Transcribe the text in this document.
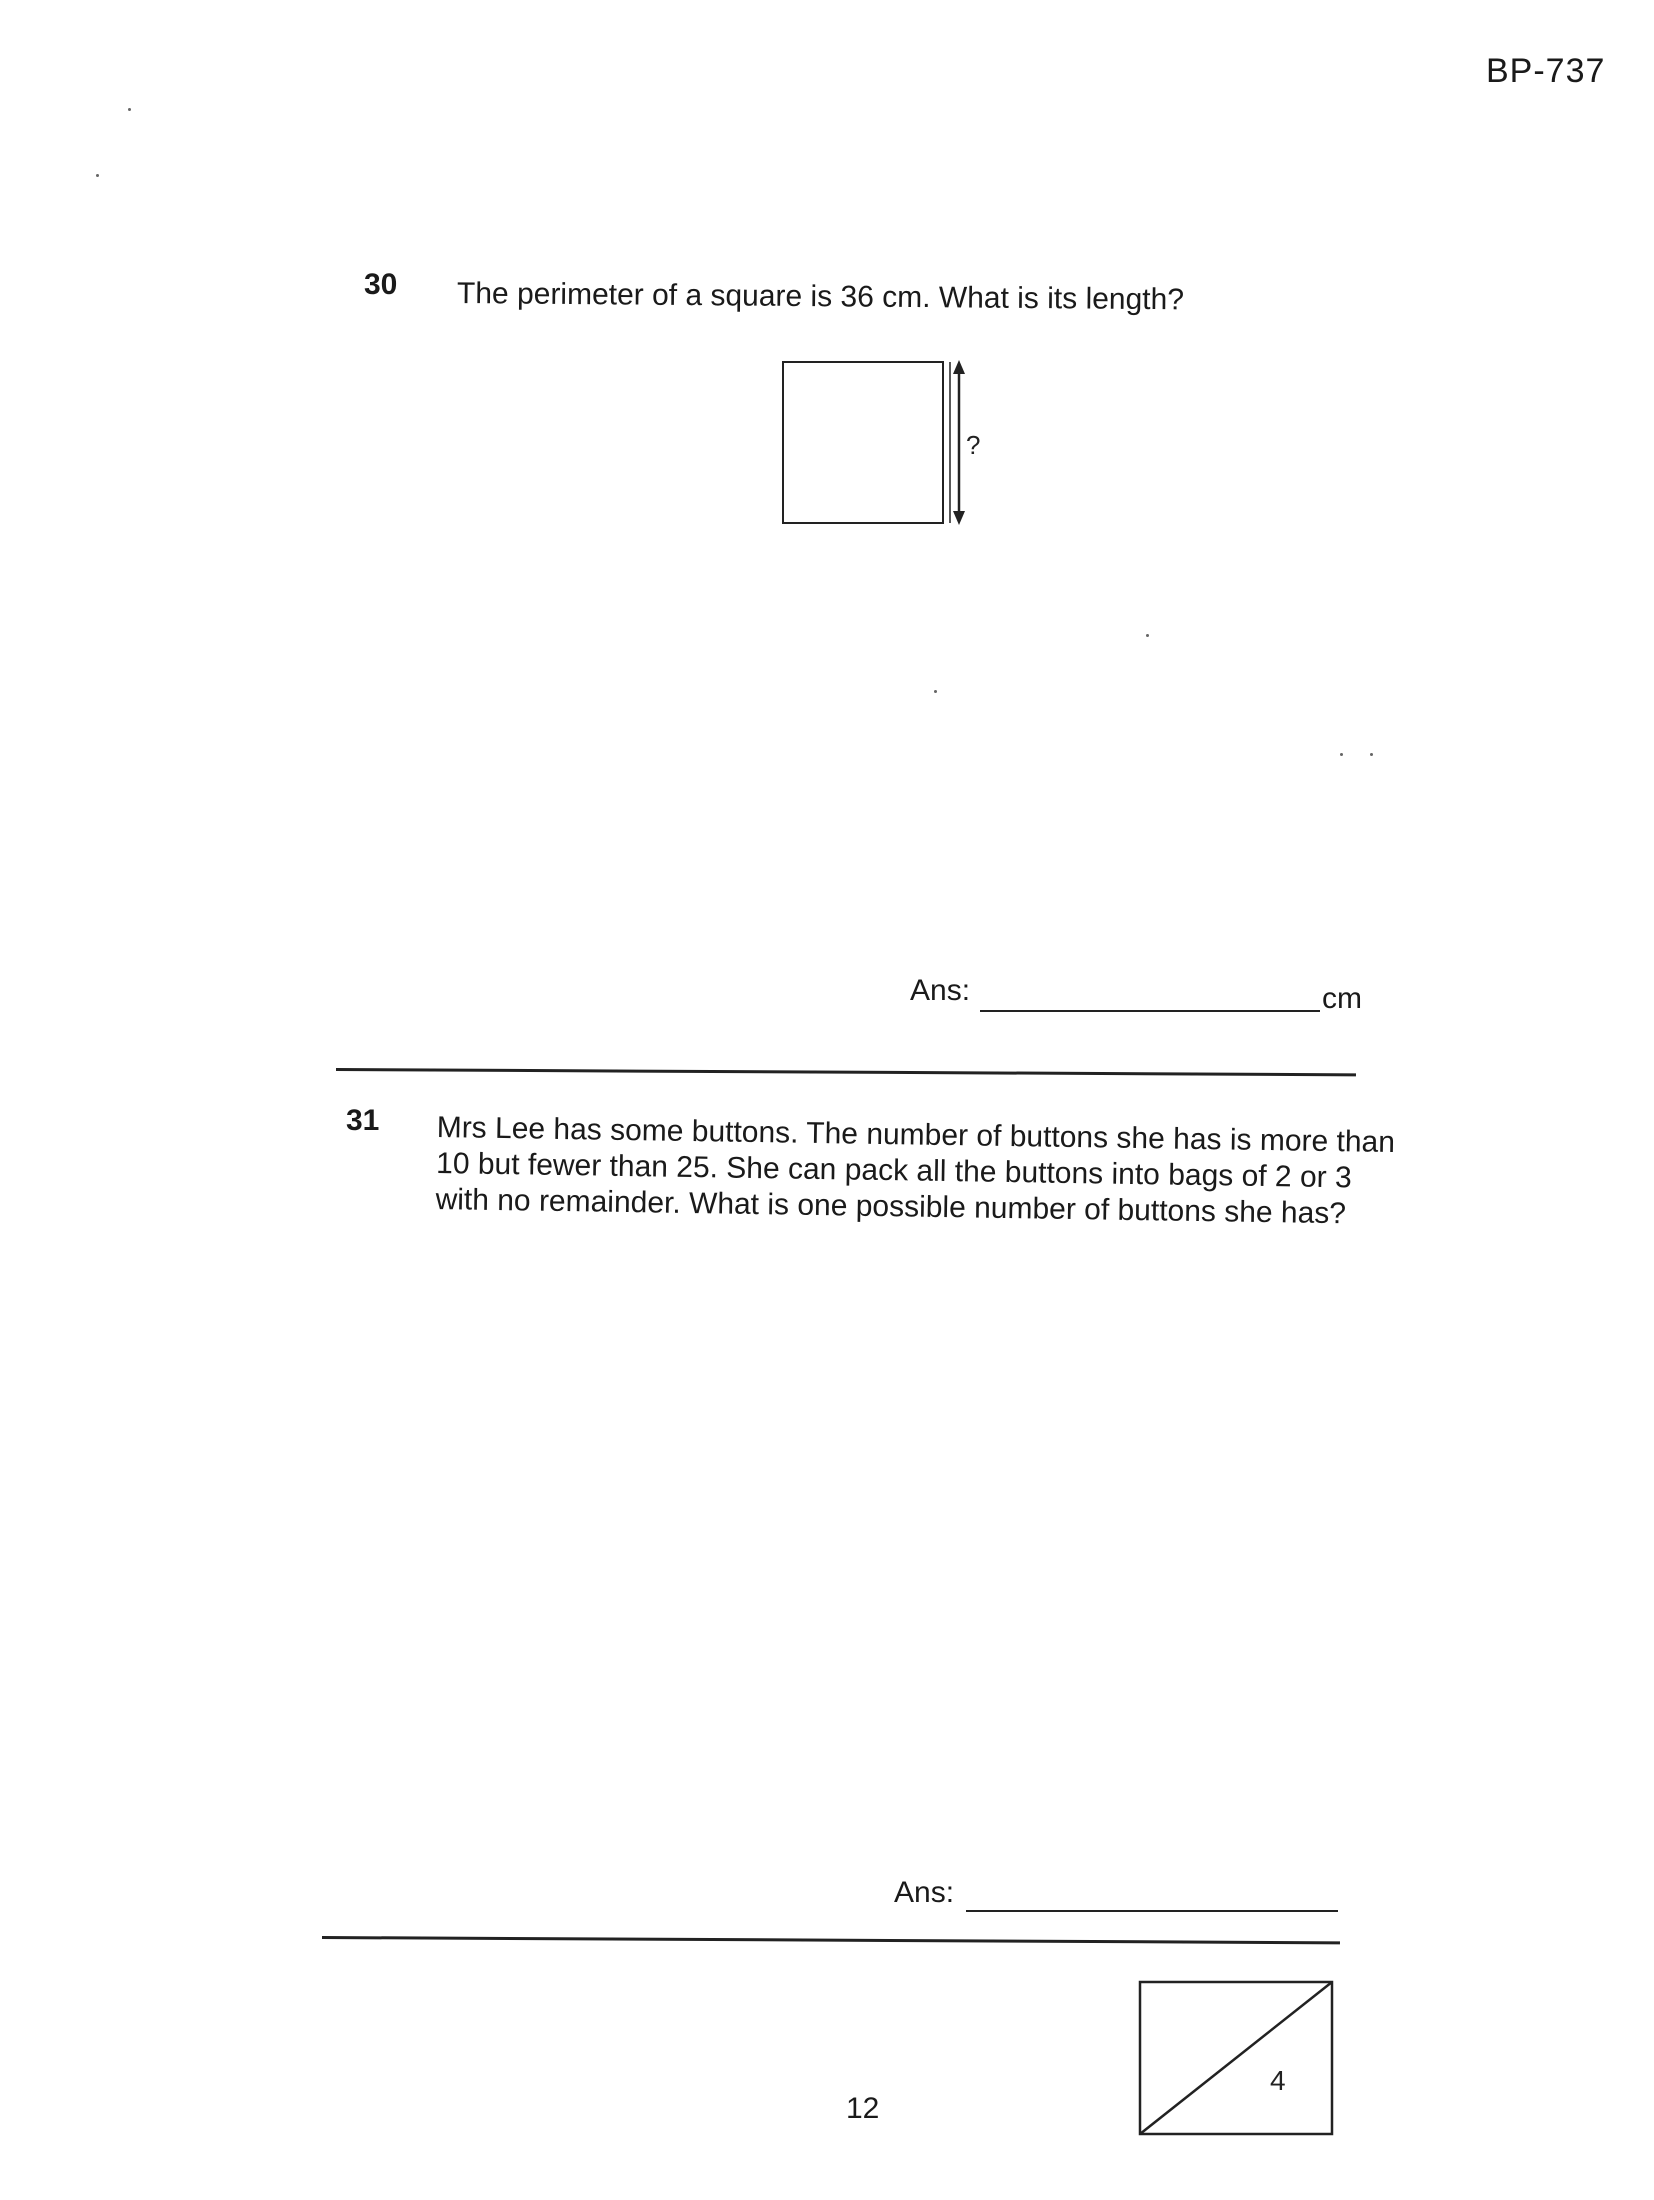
BP-737
30 The perimeter of a square is 36 cm. What is its length?
?
Ans:	cm
31 Mrs Lee has some buttons. The number of buttons she has is more than
10 but fewer than 25. She can pack all the buttons into bags of 2 or 3
with no remainder. What is one possible number of buttons she has?
Ans:
4
12
